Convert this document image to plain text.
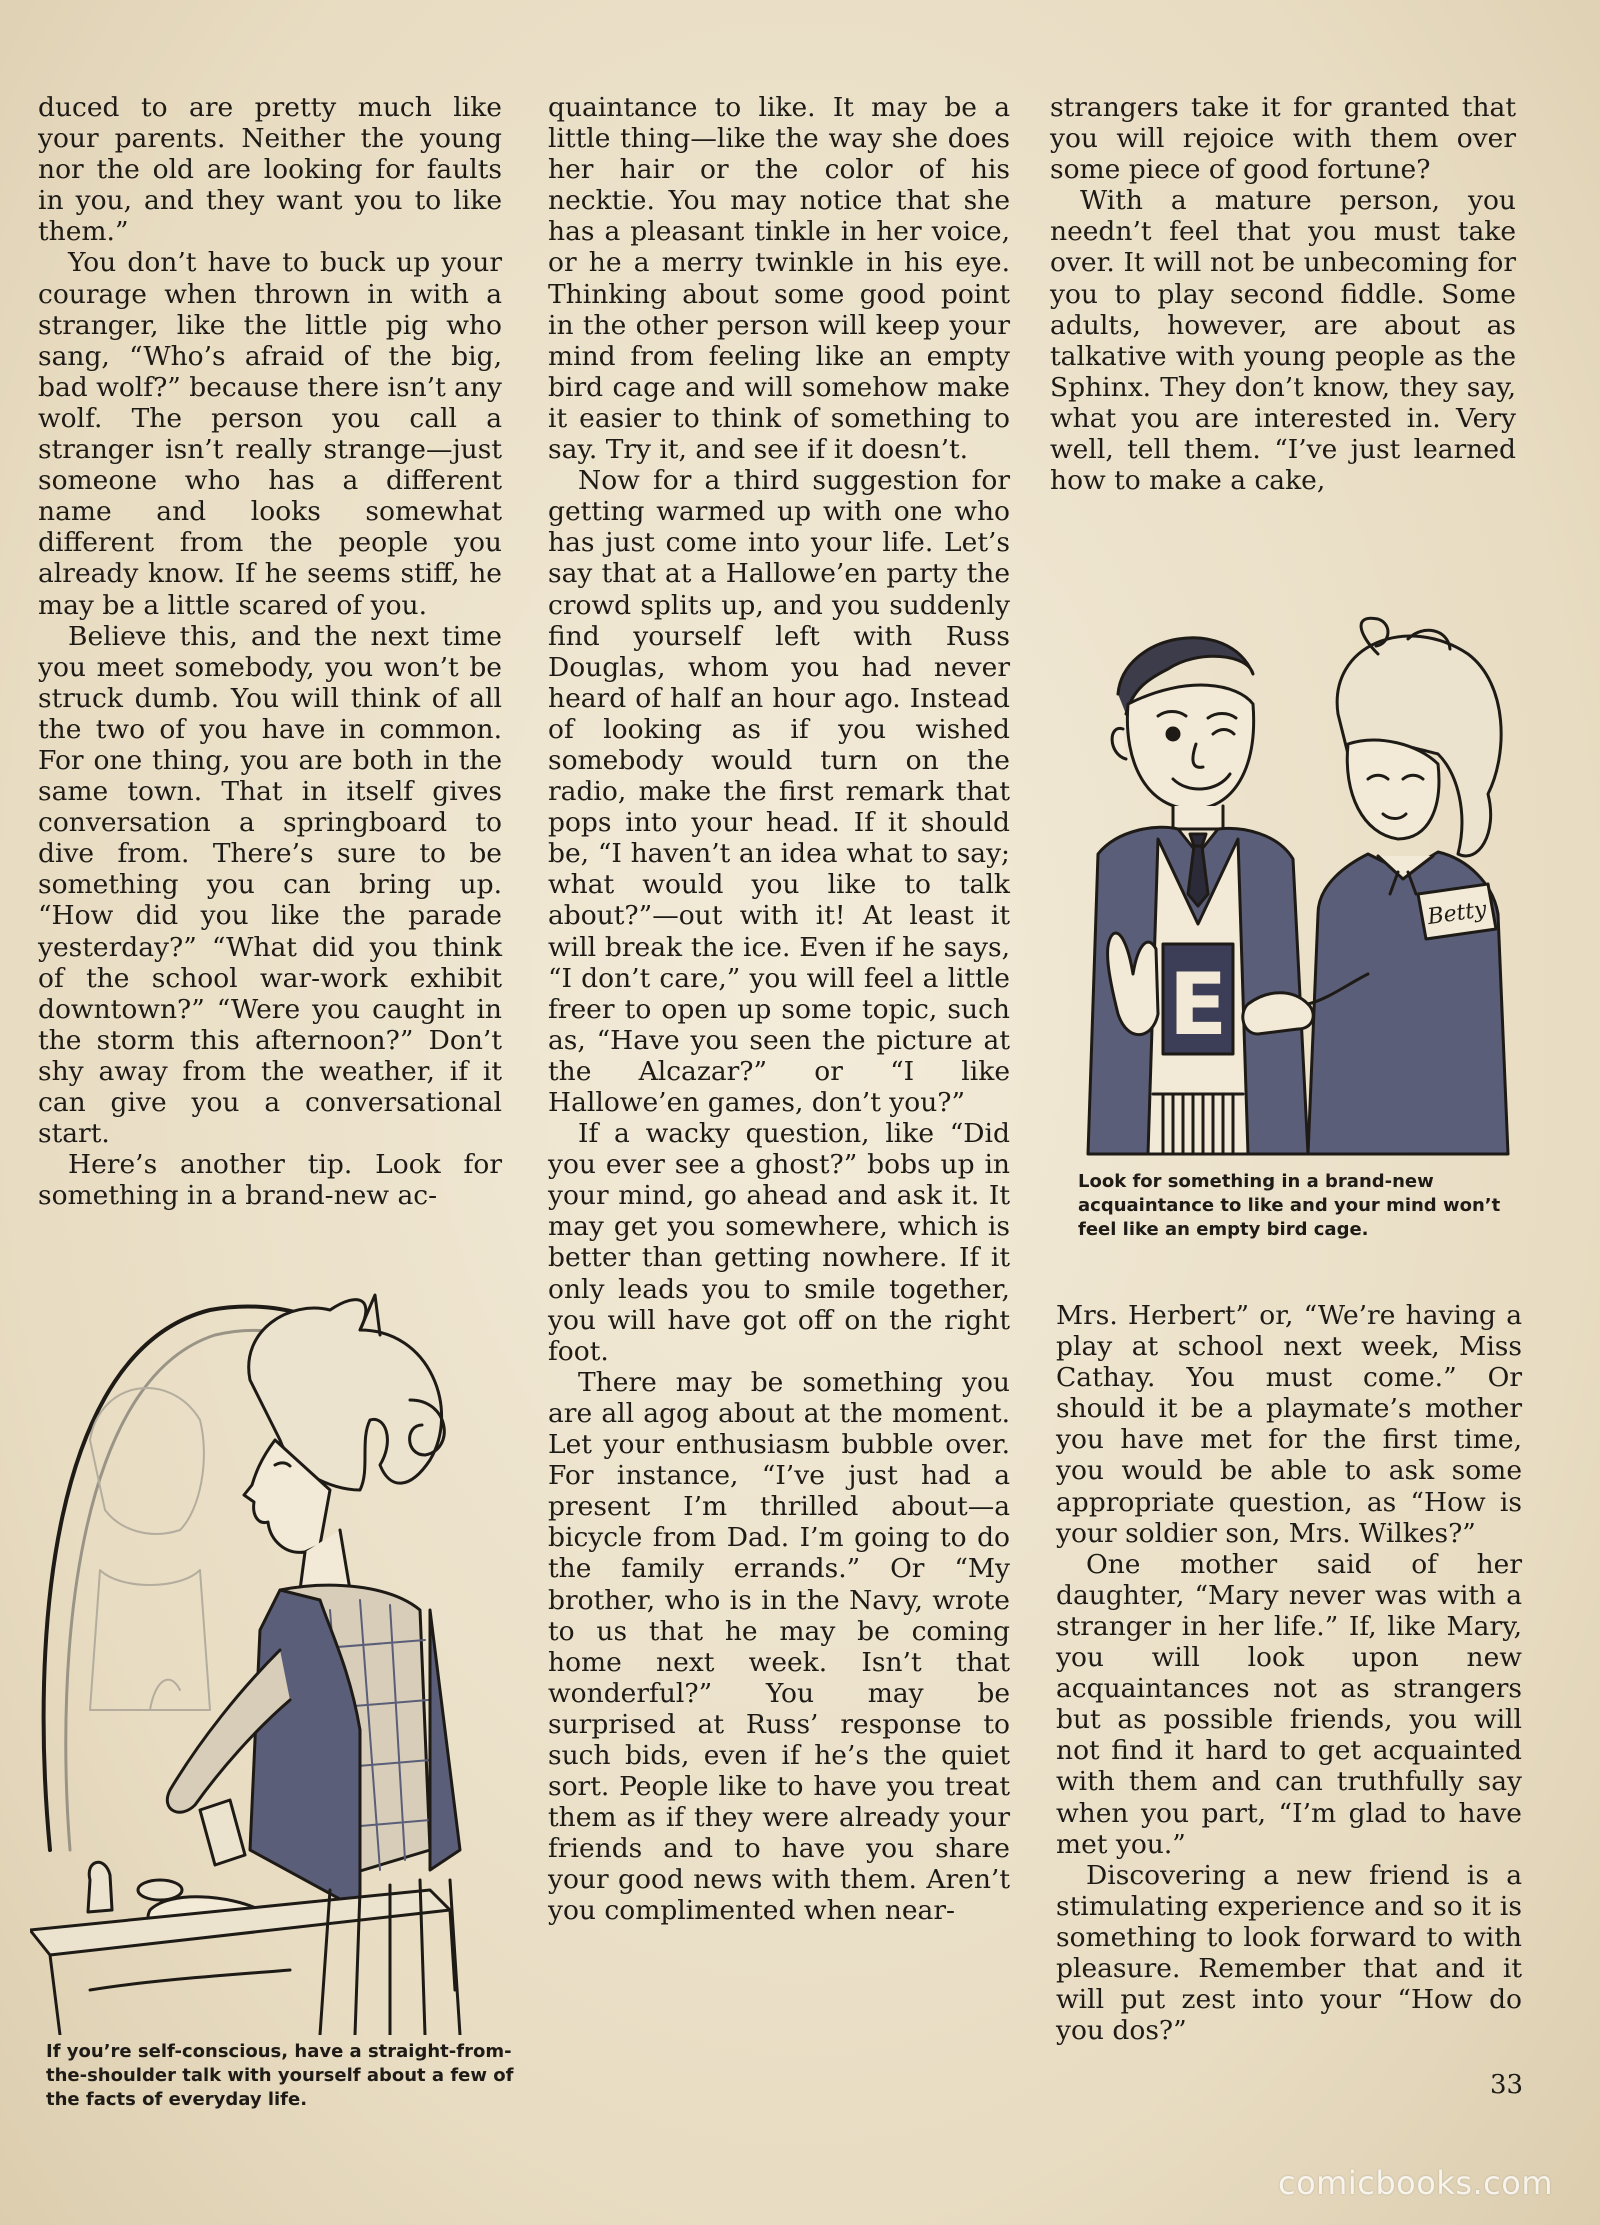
duced to are pretty much like your parents. Neither the young nor the old are looking for faults in you, and they want you to like them.”

You don’t have to buck up your courage when thrown in with a stranger, like the little pig who sang, “Who’s afraid of the big, bad wolf?” because there isn’t any wolf. The person you call a stranger isn’t really strange—just someone who has a different name and looks somewhat different from the people you already know. If he seems stiff, he may be a little scared of you.

Believe this, and the next time you meet somebody, you won’t be struck dumb. You will think of all the two of you have in common. For one thing, you are both in the same town. That in itself gives conversation a springboard to dive from. There’s sure to be something you can bring up. “How did you like the parade yesterday?” “What did you think of the school war-work exhibit downtown?” “Were you caught in the storm this afternoon?” Don’t shy away from the weather, if it can give you a conversational start.

Here’s another tip. Look for something in a brand-new ac-

quaintance to like. It may be a little thing—like the way she does her hair or the color of his necktie. You may notice that she has a pleasant tinkle in her voice, or he a merry twinkle in his eye. Thinking about some good point in the other person will keep your mind from feeling like an empty bird cage and will somehow make it easier to think of something to say. Try it, and see if it doesn’t.

Now for a third suggestion for getting warmed up with one who has just come into your life. Let’s say that at a Hallowe’en party the crowd splits up, and you suddenly find yourself left with Russ Douglas, whom you had never heard of half an hour ago. Instead of looking as if you wished somebody would turn on the radio, make the first remark that pops into your head. If it should be, “I haven’t an idea what to say; what would you like to talk about?”—out with it! At least it will break the ice. Even if he says, “I don’t care,” you will feel a little freer to open up some topic, such as, “Have you seen the picture at the Alcazar?” or “I like Hallowe’en games, don’t you?”

If a wacky question, like “Did you ever see a ghost?” bobs up in your mind, go ahead and ask it. It may get you somewhere, which is better than getting nowhere. If it only leads you to smile together, you will have got off on the right foot.

There may be something you are all agog about at the moment. Let your enthusiasm bubble over. For instance, “I’ve just had a present I’m thrilled about—a bicycle from Dad. I’m going to do the family errands.” Or “My brother, who is in the Navy, wrote to us that he may be coming home next week. Isn’t that wonderful?” You may be surprised at Russ’ response to such bids, even if he’s the quiet sort. People like to have you treat them as if they were already your friends and to have you share your good news with them. Aren’t you complimented when near-

strangers take it for granted that you will rejoice with them over some piece of good fortune?

With a mature person, you needn’t feel that you must take over. It will not be unbecoming for you to play second fiddle. Some adults, however, are about as talkative with young people as the Sphinx. They don’t know, they say, what you are interested in. Very well, tell them. “I’ve just learned how to make a cake,

E
Betty
Look for something in a brand-new acquaintance to like and your mind won’t feel like an empty bird cage.

Mrs. Herbert” or, “We’re having a play at school next week, Miss Cathay. You must come.” Or should it be a playmate’s mother you have met for the first time, you would be able to ask some appropriate question, as “How is your soldier son, Mrs. Wilkes?”

One mother said of her daughter, “Mary never was with a stranger in her life.” If, like Mary, you will look upon new acquaintances not as strangers but as possible friends, you will not find it hard to get acquainted with them and can truthfully say when you part, “I’m glad to have met you.”

Discovering a new friend is a stimulating experience and so it is something to look forward to with pleasure. Remember that and it will put zest into your “How do you dos?”

If you’re self-conscious, have a straight-from-the-shoulder talk with yourself about a few of the facts of everyday life.	33
comicbooks.com
